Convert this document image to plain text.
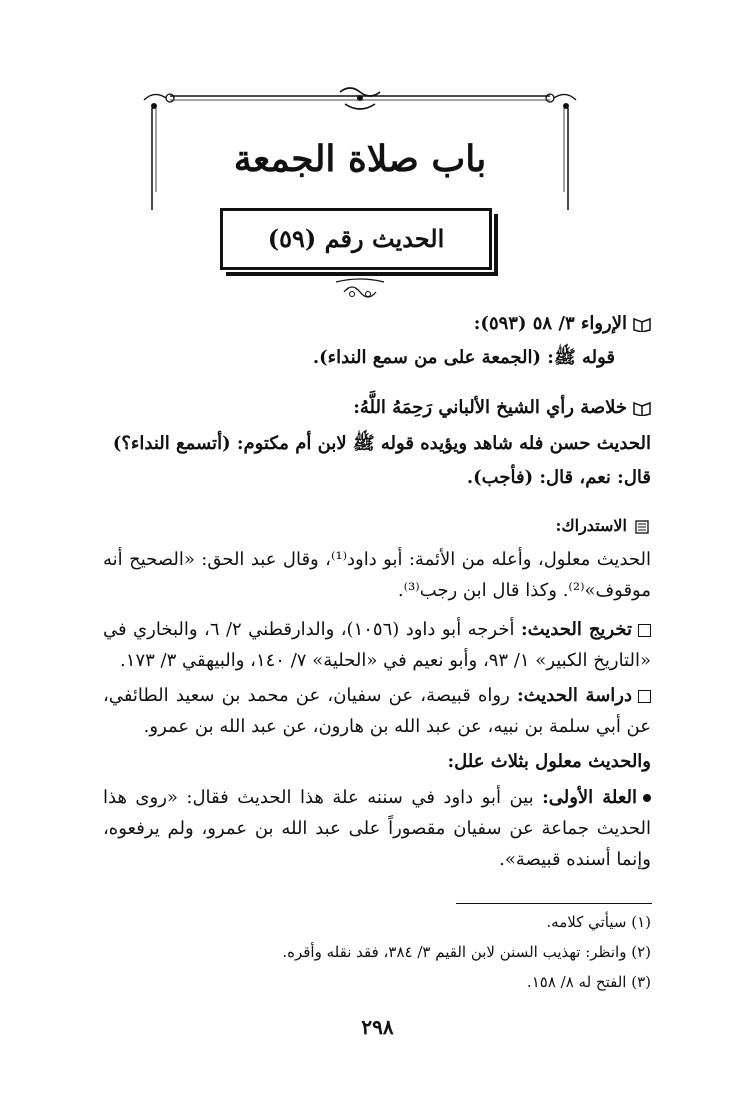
باب صلاة الجمعة
الحديث رقم (٥٩)
الإرواء ٣/ ٥٨ (٥٩٣):
قوله ﷺ: (الجمعة على من سمع النداء).
خلاصة رأي الشيخ الألباني رَحِمَهُ اللَّهُ:
الحديث حسن فله شاهد ويؤيده قوله ﷺ لابن أم مكتوم: (أتسمع النداء؟)
قال: نعم، قال: (فأجب).
الاستدراك:
الحديث معلول، وأعله من الأئمة: أبو داود⁽¹⁾، وقال عبد الحق: «الصحيح أنه موقوف»⁽²⁾. وكذا قال ابن رجب⁽³⁾.
تخريج الحديث: أخرجه أبو داود (١٠٥٦)، والدارقطني ٢/ ٦، والبخاري في «التاريخ الكبير» ١/ ٩٣، وأبو نعيم في «الحلية» ٧/ ١٤٠، والبيهقي ٣/ ١٧٣.
دراسة الحديث: رواه قبيصة، عن سفيان، عن محمد بن سعيد الطائفي، عن أبي سلمة بن نبيه، عن عبد الله بن هارون، عن عبد الله بن عمرو.
والحديث معلول بثلاث علل:
العلة الأولى: بين أبو داود في سننه علة هذا الحديث فقال: «روى هذا الحديث جماعة عن سفيان مقصوراً على عبد الله بن عمرو، ولم يرفعوه، وإنما أسنده قبيصة».
(١) سيأتي كلامه.
(٢) وانظر: تهذيب السنن لابن القيم ٣/ ٣٨٤، فقد نقله وأقره.
(٣) الفتح له ٨/ ١٥٨.
٢٩٨
